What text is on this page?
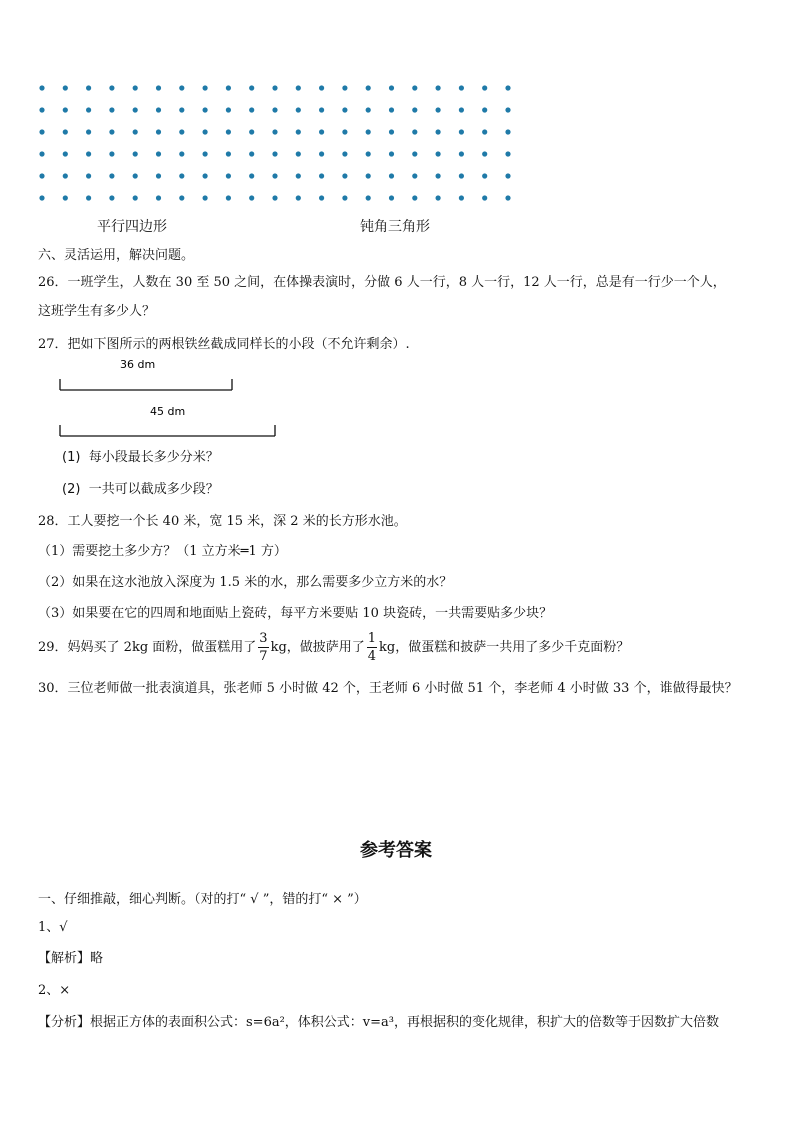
平行四边形	钝角三角形
六、灵活运用，解决问题。
26．一班学生，人数在 30 至 50 之间，在体操表演时，分做 6 人一行，8 人一行，12 人一行，总是有一行少一个人，
这班学生有多少人？
27．把如下图所示的两根铁丝截成同样长的小段（不允许剩余）.
36 dm
45 dm
(1) 每小段最长多少分米？
(2) 一共可以截成多少段？
28．工人要挖一个长 40 米，宽 15 米，深 2 米的长方形水池。
（1）需要挖土多少方？（1 立方米═1 方）
（2）如果在这水池放入深度为 1.5 米的水，那么需要多少立方米的水？
（3）如果要在它的四周和地面贴上瓷砖，每平方米要贴 10 块瓷砖，一共需要贴多少块？
29．妈妈买了 2kg 面粉，做蛋糕用了 $\frac{3}{7}$ kg，做披萨用了 $\frac{1}{4}$ kg，做蛋糕和披萨一共用了多少千克面粉？
30．三位老师做一批表演道具，张老师 5 小时做 42 个，王老师 6 小时做 51 个，李老师 4 小时做 33 个，谁做得最快？
参考答案
一、仔细推敲，细心判断。（对的打“ √ ”，错的打“ × ”）
1、√
【解析】略
2、×
【分析】根据正方体的表面积公式：s=6a²，体积公式：v=a³，再根据积的变化规律，积扩大的倍数等于因数扩大倍数
